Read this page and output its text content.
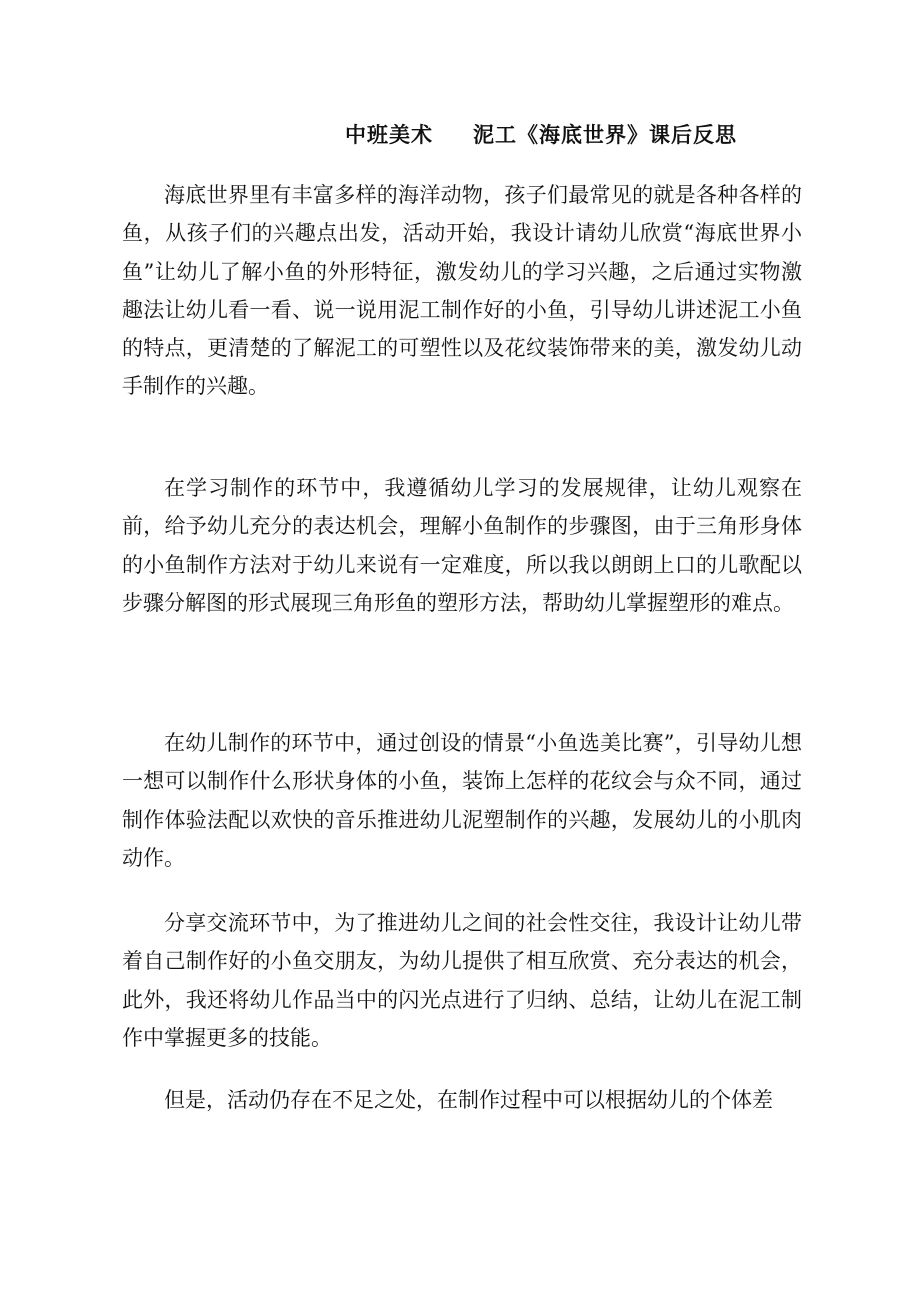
中班美术 泥工《海底世界》课后反思

海底世界里有丰富多样的海洋动物，孩子们最常见的就是各种各样的鱼，从孩子们的兴趣点出发，活动开始，我设计请幼儿欣赏“海底世界小鱼”让幼儿了解小鱼的外形特征，激发幼儿的学习兴趣，之后通过实物激趣法让幼儿看一看、说一说用泥工制作好的小鱼，引导幼儿讲述泥工小鱼的特点，更清楚的了解泥工的可塑性以及花纹装饰带来的美，激发幼儿动手制作的兴趣。

在学习制作的环节中，我遵循幼儿学习的发展规律，让幼儿观察在前，给予幼儿充分的表达机会，理解小鱼制作的步骤图，由于三角形身体的小鱼制作方法对于幼儿来说有一定难度，所以我以朗朗上口的儿歌配以步骤分解图的形式展现三角形鱼的塑形方法，帮助幼儿掌握塑形的难点。

在幼儿制作的环节中，通过创设的情景“小鱼选美比赛”，引导幼儿想一想可以制作什么形状身体的小鱼，装饰上怎样的花纹会与众不同，通过制作体验法配以欢快的音乐推进幼儿泥塑制作的兴趣，发展幼儿的小肌肉动作。

分享交流环节中，为了推进幼儿之间的社会性交往，我设计让幼儿带着自己制作好的小鱼交朋友，为幼儿提供了相互欣赏、充分表达的机会，此外，我还将幼儿作品当中的闪光点进行了归纳、总结，让幼儿在泥工制作中掌握更多的技能。

但是，活动仍存在不足之处，在制作过程中可以根据幼儿的个体差
